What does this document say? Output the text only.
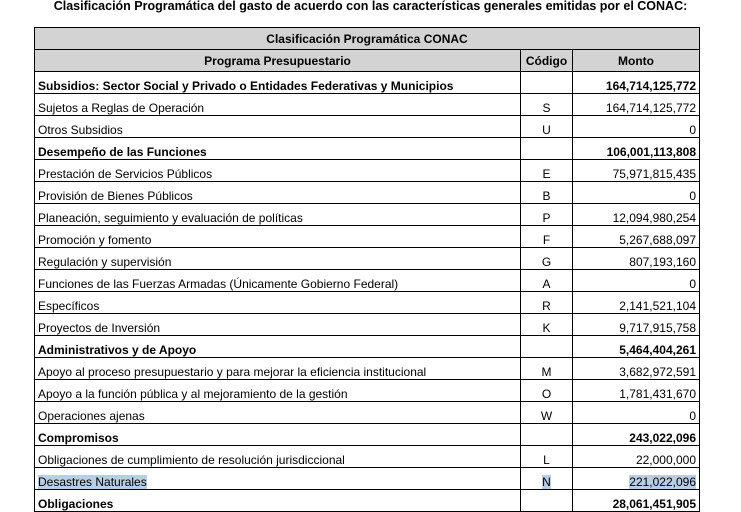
Clasificación Programática del gasto de acuerdo con las características generales emitidas por el CONAC:
Clasificación Programática CONAC		
Programa Presupuestario	Código	Monto
Subsidios: Sector Social y Privado o Entidades Federativas y Municipios		164,714,125,772
Sujetos a Reglas de Operación	S	164,714,125,772
Otros Subsidios	U	0
Desempeño de las Funciones		106,001,113,808
Prestación de Servicios Públicos	E	75,971,815,435
Provisión de Bienes Públicos	B	0
Planeación, seguimiento y evaluación de políticas	P	12,094,980,254
Promoción y fomento	F	5,267,688,097
Regulación y supervisión	G	807,193,160
Funciones de las Fuerzas Armadas (Únicamente Gobierno Federal)	A	0
Específicos	R	2,141,521,104
Proyectos de Inversión	K	9,717,915,758
Administrativos y de Apoyo		5,464,404,261
Apoyo al proceso presupuestario y para mejorar la eficiencia institucional	M	3,682,972,591
Apoyo a la función pública y al mejoramiento de la gestión	O	1,781,431,670
Operaciones ajenas	W	0
Compromisos		243,022,096
Obligaciones de cumplimiento de resolución jurisdiccional	L	22,000,000
Desastres Naturales	N	221,022,096
Obligaciones		28,061,451,905
